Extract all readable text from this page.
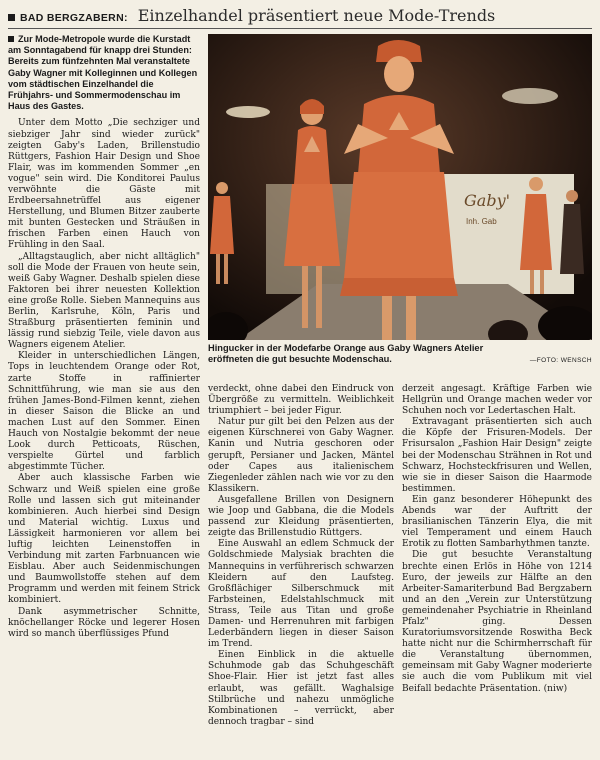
BAD BERGZABERN: Einzelhandel präsentiert neue Mode-Trends
Zur Mode-Metropole wurde die Kurstadt am Sonntagabend für knapp drei Stunden: Bereits zum fünfzehnten Mal veranstaltete Gaby Wagner mit Kolleginnen und Kollegen vom städtischen Einzelhandel die Frühjahrs- und Sommermodenschau im Haus des Gastes.

Unter dem Motto „Die sechziger und siebziger Jahr sind wieder zurück" zeigten Gaby's Laden, Brillenstudio Rüttgers, Fashion Hair Design und Shoe Flair, was im kommenden Sommer „en vogue" sein wird. Die Konditorei Paulus verwöhnte die Gäste mit Erdbeersahnetrüffel aus eigener Herstellung, und Blumen Bitzer zauberte mit bunten Gestecken und Sträußen in frischen Farben einen Hauch von Frühling in den Saal.

„Alltagstauglich, aber nicht alltäglich" soll die Mode der Frauen von heute sein, weiß Gaby Wagner. Deshalb spielen diese Faktoren bei ihrer neuesten Kollektion eine große Rolle. Sieben Mannequins aus Berlin, Karlsruhe, Köln, Paris und Straßburg präsentierten feminin und lässig rund siebzig Teile, viele davon aus Wagners eigenem Atelier.

Kleider in unterschiedlichen Längen, Tops in leuchtendem Orange oder Rot, zarte Stoffe in raffinierter Schnittführung, wie man sie aus den frühen James-Bond-Filmen kennt, ziehen in dieser Saison die Blicke an und machen Lust auf den Sommer. Einen Hauch von Nostalgie bekommt der neue Look durch Petticoats, Rüschen, verspielte Gürtel und farblich abgestimmte Tücher.

Aber auch klassische Farben wie Schwarz und Weiß spielen eine große Rolle und lassen sich gut miteinander kombinieren. Auch hierbei sind Design und Material wichtig. Luxus und Lässigkeit harmonieren vor allem bei luftig leichten Leinenstoffen in Verbindung mit zarten Farbnuancen wie Eisblau. Aber auch Seidenmischungen und Baumwollstoffe stehen auf dem Programm und werden mit feinem Strick kombiniert.

Dank asymmetrischer Schnitte, knöchellanger Röcke und legerer Hosen wird so manch überflüssiges Pfund

Gaby'
Inh. Gab
Hingucker in der Modefarbe Orange aus Gaby Wagners Atelier eröffneten die gut besuchte Modenschau.	—FOTO: WENSCH

verdeckt, ohne dabei den Eindruck von Übergröße zu vermitteln. Weiblichkeit triumphiert – bei jeder Figur.

Natur pur gilt bei den Pelzen aus der eigenen Kürschnerei von Gaby Wagner. Kanin und Nutria geschoren oder gerupft, Persianer und Jacken, Mäntel oder Capes aus italienischem Ziegenleder zählen nach wie vor zu den Klassikern.

Ausgefallene Brillen von Designern wie Joop und Gabbana, die die Models passend zur Kleidung präsentierten, zeigte das Brillenstudio Rüttgers.

Eine Auswahl an edlem Schmuck der Goldschmiede Malysiak brachten die Mannequins in verführerisch schwarzen Kleidern auf den Laufsteg. Großflächiger Silberschmuck mit Farbsteinen, Edelstahlschmuck mit Strass, Teile aus Titan und große Damen- und Herrenuhren mit farbigen Lederbändern liegen in dieser Saison im Trend.

Einen Einblick in die aktuelle Schuhmode gab das Schuhgeschäft Shoe-Flair. Hier ist jetzt fast alles erlaubt, was gefällt. Waghalsige Stilbrüche und nahezu unmögliche Kombinationen – verrückt, aber dennoch tragbar – sind

derzeit angesagt. Kräftige Farben wie Hellgrün und Orange machen weder vor Schuhen noch vor Ledertaschen Halt.

Extravagant präsentierten sich auch die Köpfe der Frisuren-Models. Der Frisursalon „Fashion Hair Design" zeigte bei der Modenschau Strähnen in Rot und Schwarz, Hochsteckfrisuren und Wellen, wie sie in dieser Saison die Haarmode bestimmen.

Ein ganz besonderer Höhepunkt des Abends war der Auftritt der brasilianischen Tänzerin Elya, die mit viel Temperament und einem Hauch Erotik zu flotten Sambarhythmen tanzte.

Die gut besuchte Veranstaltung brechte einen Erlös in Höhe von 1214 Euro, der jeweils zur Hälfte an den Arbeiter-Samariterbund Bad Bergzabern und an den „Verein zur Unterstützung gemeindenaher Psychiatrie in Rheinland Pfalz" ging. Dessen Kuratoriumsvorsitzende Roswitha Beck hatte nicht nur die Schirmherrschaft für die Veranstaltung übernommen, gemeinsam mit Gaby Wagner moderierte sie auch die vom Publikum mit viel Beifall bedachte Präsentation. (niw)
